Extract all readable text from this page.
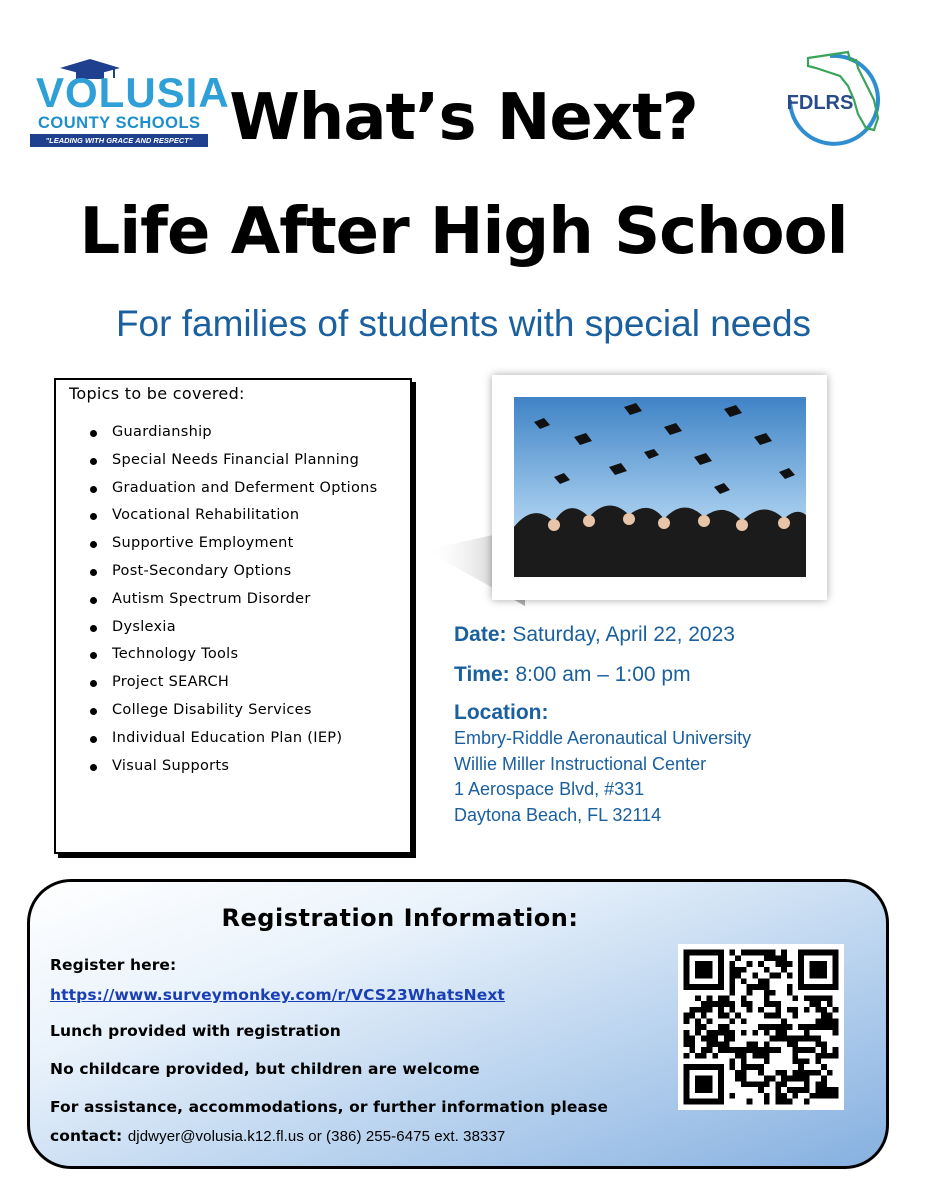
VOLUSIA
COUNTY SCHOOLS
"LEADING WITH GRACE AND RESPECT"
FDLRS
What’s Next?
Life After High School
For families of students with special needs
Topics to be covered:
Guardianship
Special Needs Financial Planning
Graduation and Deferment Options
Vocational Rehabilitation
Supportive Employment
Post-Secondary Options
Autism Spectrum Disorder
Dyslexia
Technology Tools
Project SEARCH
College Disability Services
Individual Education Plan (IEP)
Visual Supports
Date: Saturday, April 22, 2023
Time: 8:00 am – 1:00 pm
Location:
Embry-Riddle Aeronautical University
Willie Miller Instructional Center
1 Aerospace Blvd, #331
Daytona Beach, FL 32114
Registration Information:
Register here:
https://www.surveymonkey.com/r/VCS23WhatsNext
Lunch provided with registration
No childcare provided, but children are welcome
For assistance, accommodations, or further information please
contact: djdwyer@volusia.k12.fl.us or (386) 255-6475 ext. 38337
